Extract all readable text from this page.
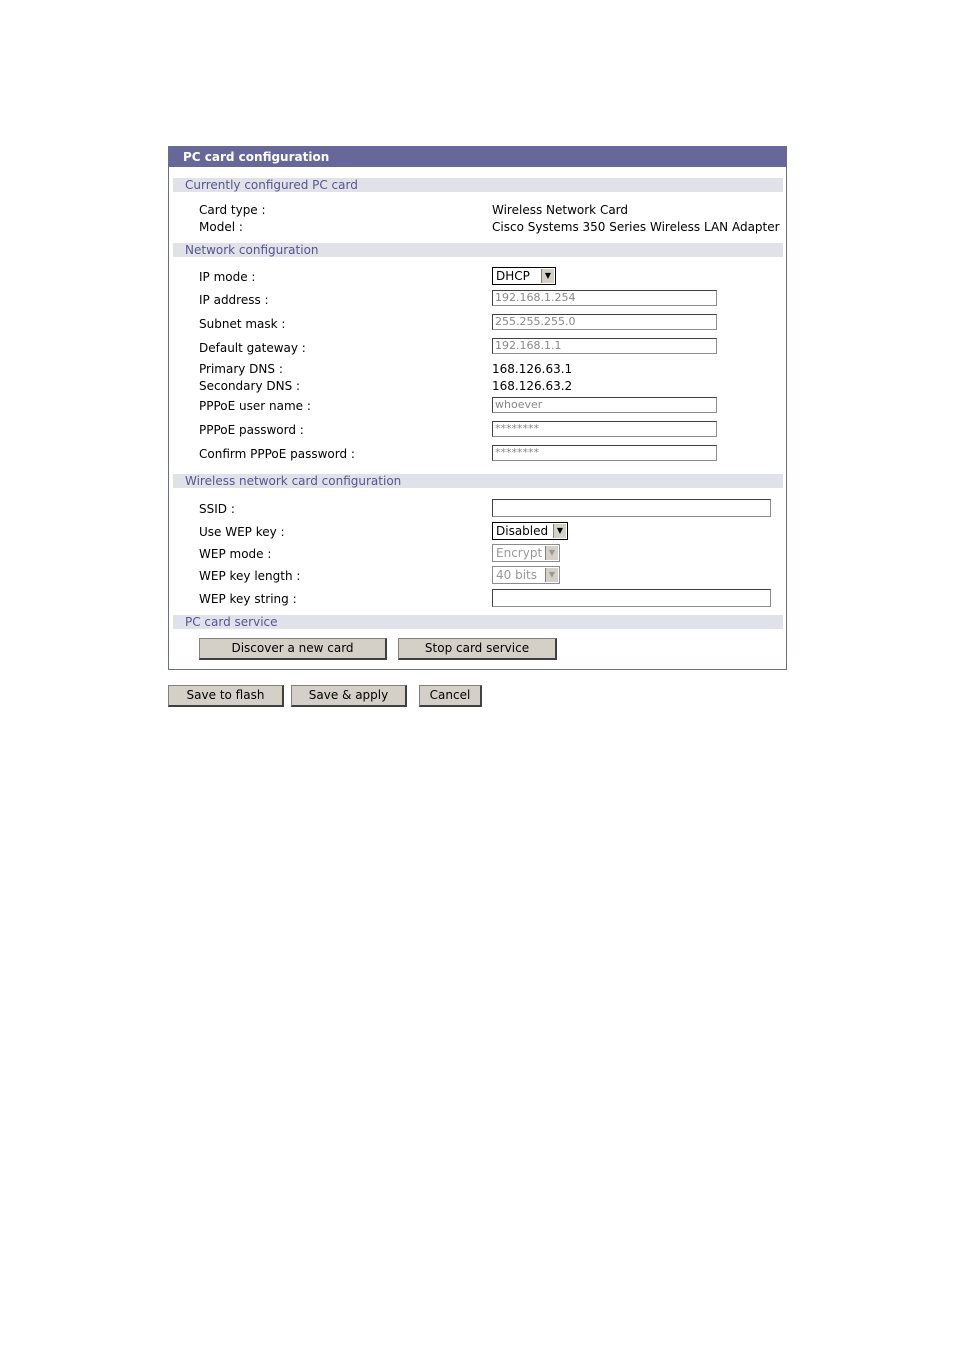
PC card configuration
Currently configured PC card
Card type :	Wireless Network Card
Model :	Cisco Systems 350 Series Wireless LAN Adapter
Network configuration
IP mode :	DHCP	▼
IP address :	192.168.1.254
Subnet mask :	255.255.255.0
Default gateway :	192.168.1.1
Primary DNS :	168.126.63.1
Secondary DNS :	168.126.63.2
PPPoE user name :	whoever
PPPoE password :	********
Confirm PPPoE password :	********
Wireless network card configuration
SSID :
Use WEP key :	Disabled	▼
WEP mode :	Encrypt ▼
WEP key length :	40 bits	▼
WEP key string :
PC card service
Discover a new card	Stop card service
Save to flash	Save & apply	Cancel
